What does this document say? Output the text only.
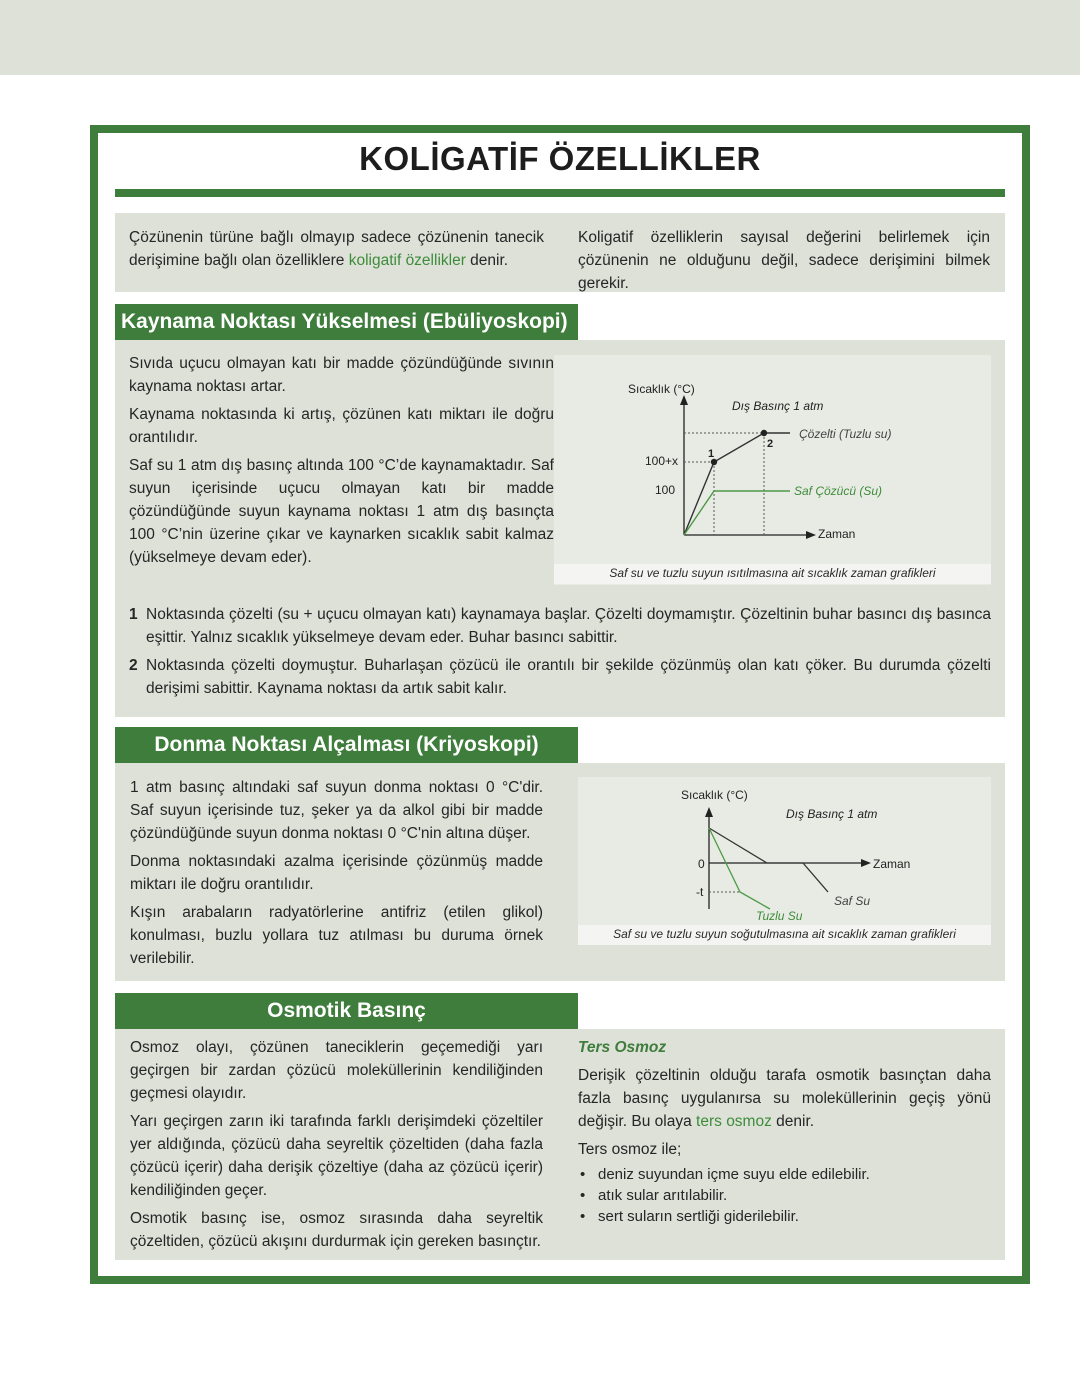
KOLİGATİF ÖZELLİKLER

Çözünenin türüne bağlı olmayıp sadece çözünenin tanecik derişimine bağlı olan özelliklere koligatif özellikler denir.

Koligatif özelliklerin sayısal değerini belirlemek için çözünenin ne olduğunu değil, sadece derişimini bilmek gerekir.
Kaynama Noktası Yükselmesi (Ebüliyoskopi)

Sıvıda uçucu olmayan katı bir madde çözündüğünde sıvının kaynama noktası artar.

Kaynama noktasında ki artış, çözünen katı miktarı ile doğru orantılıdır.

Saf su 1 atm dış basınç altında 100 °C’de kaynamaktadır. Saf suyun içerisinde uçucu olmayan katı bir madde çözündüğünde suyun kaynama noktası 1 atm dış basınçta 100 °C’nin üzerine çıkar ve kaynarken sıcaklık sabit kalmaz (yükselmeye devam eder).

Sıcaklık (°C)
Dış Basınç 1 atm
100+x
100
Zaman
1
2
Çözelti (Tuzlu su)
Saf Çözücü (Su)
Saf su ve tuzlu suyun ısıtılmasına ait sıcaklık zaman grafikleri
1 Noktasında çözelti (su + uçucu olmayan katı) kaynamaya başlar. Çözelti doymamıştır. Çözeltinin buhar basıncı dış basınca eşittir. Yalnız sıcaklık yükselmeye devam eder. Buhar basıncı sabittir.
2 Noktasında çözelti doymuştur. Buharlaşan çözücü ile orantılı bir şekilde çözünmüş olan katı çöker. Bu durumda çözelti derişimi sabittir. Kaynama noktası da artık sabit kalır.
Donma Noktası Alçalması (Kriyoskopi)

1 atm basınç altındaki saf suyun donma noktası 0 °C'dir. Saf suyun içerisinde tuz, şeker ya da alkol gibi bir madde çözündüğünde suyun donma noktası 0 °C'nin altına düşer.

Donma noktasındaki azalma içerisinde çözünmüş madde miktarı ile doğru orantılıdır.

Kışın arabaların radyatörlerine antifriz (etilen glikol) konulması, buzlu yollara tuz atılması bu duruma örnek verilebilir.

Sıcaklık (°C)
Dış Basınç 1 atm
0
-t
Zaman
Saf Su
Tuzlu Su
Saf su ve tuzlu suyun soğutulmasına ait sıcaklık zaman grafikleri
Osmotik Basınç

Osmoz olayı, çözünen taneciklerin geçemediği yarı geçirgen bir zardan çözücü moleküllerinin kendiliğinden geçmesi olayıdır.

Yarı geçirgen zarın iki tarafında farklı derişimdeki çözeltiler yer aldığında, çözücü daha seyreltik çözeltiden (daha fazla çözücü içerir) daha derişik çözeltiye (daha az çözücü içerir) kendiliğinden geçer.

Osmotik basınç ise, osmoz sırasında daha seyreltik çözeltiden, çözücü akışını durdurmak için gereken basınçtır.

Ters Osmoz

Derişik çözeltinin olduğu tarafa osmotik basınçtan daha fazla basınç uygulanırsa su moleküllerinin geçiş yönü değişir. Bu olaya ters osmoz denir.

Ters osmoz ile;

• deniz suyundan içme suyu elde edilebilir.
• atık sular arıtılabilir.
• sert suların sertliği giderilebilir.
